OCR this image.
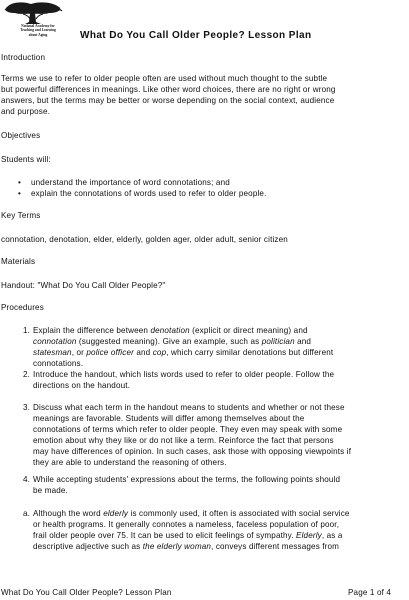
National Academy for
Teaching and Learning
about Aging	What Do You Call Older People? Lesson Plan
Introduction
Terms we use to refer to older people often are used without much thought to the subtle
but powerful differences in meanings. Like other word choices, there are no right or wrong
answers, but the terms may be better or worse depending on the social context, audience
and purpose.
Objectives
Students will:
• understand the importance of word connotations; and
• explain the connotations of words used to refer to older people.
Key Terms
connotation, denotation, elder, elderly, golden ager, older adult, senior citizen
Materials
Handout: "What Do You Call Older People?"
Procedures
1. Explain the difference between denotation (explicit or direct meaning) and
connotation (suggested meaning). Give an example, such as politician and
statesman, or police officer and cop, which carry similar denotations but different
connotations.
2. Introduce the handout, which lists words used to refer to older people. Follow the
directions on the handout.
3. Discuss what each term in the handout means to students and whether or not these
meanings are favorable. Students will differ among themselves about the
connotations of terms which refer to older people. They even may speak with some
emotion about why they like or do not like a term. Reinforce the fact that persons
may have differences of opinion. In such cases, ask those with opposing viewpoints if
they are able to understand the reasoning of others.
4. While accepting students' expressions about the terms, the following points should
be made.
a. Although the word elderly is commonly used, it often is associated with social service
or health programs. It generally connotes a nameless, faceless population of poor,
frail older people over 75. It can be used to elicit feelings of sympathy. Elderly, as a
descriptive adjective such as the elderly woman, conveys different messages from
What Do You Call Older People? Lesson Plan	Page 1 of 4
